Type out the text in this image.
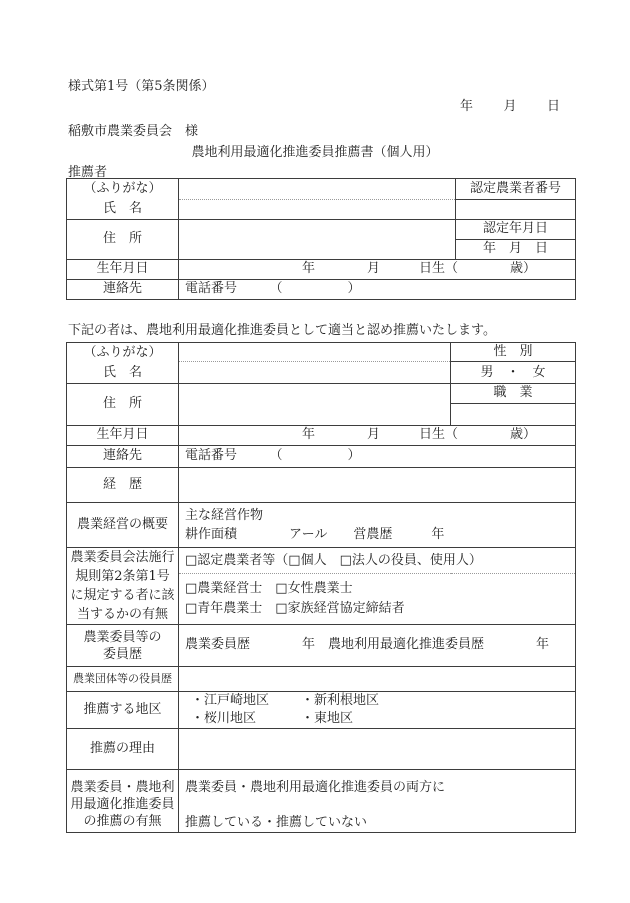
様式第1号（第5条関係）
年 月 日
稲敷市農業委員会　様
農地利用最適化推進委員推薦書（個人用）
推薦者
（ふりがな）
氏　名		認定農業者番号

住　所		認定年月日
		年　月　日
生年月日	　　　　　　　　　年　　　　月　　　日生（　　　　歳）	
連絡先	電話番号　　　（　　　　　）	
下記の者は、農地利用最適化推進委員として適当と認め推薦いたします。
（ふりがな）
氏　名		性　別
		男　・　女
住　所		職　業

生年月日	　　　　　　　　　年　　　　月　　　日生（　　　　歳）	
連絡先	電話番号　　　（　　　　　）	
経　歴		
農業経営の概要	主な経営作物
耕作面積　　　　アール　　営農歴　　　年	

農業委員会法施行
規則第2条第1号
に規定する者に該
当するかの有無	□認定農業者等（□個人　□法人の役員、使用人）	

	□農業経営士　□女性農業士
□青年農業士　□家族経営協定締結者	

農業委員等の
委員歴	農業委員歴　　　　年　農地利用最適化推進委員歴　　　　年	
農業団体等の役員歴		
推薦する地区	・江戸崎地区 ・新利根地区
・桜川地区 ・東地区	

推薦の理由		

農業委員・農地利
用最適化推進委員
の推薦の有無

農業委員・農地利用最適化推進委員の両方に
推薦している・推薦していない
